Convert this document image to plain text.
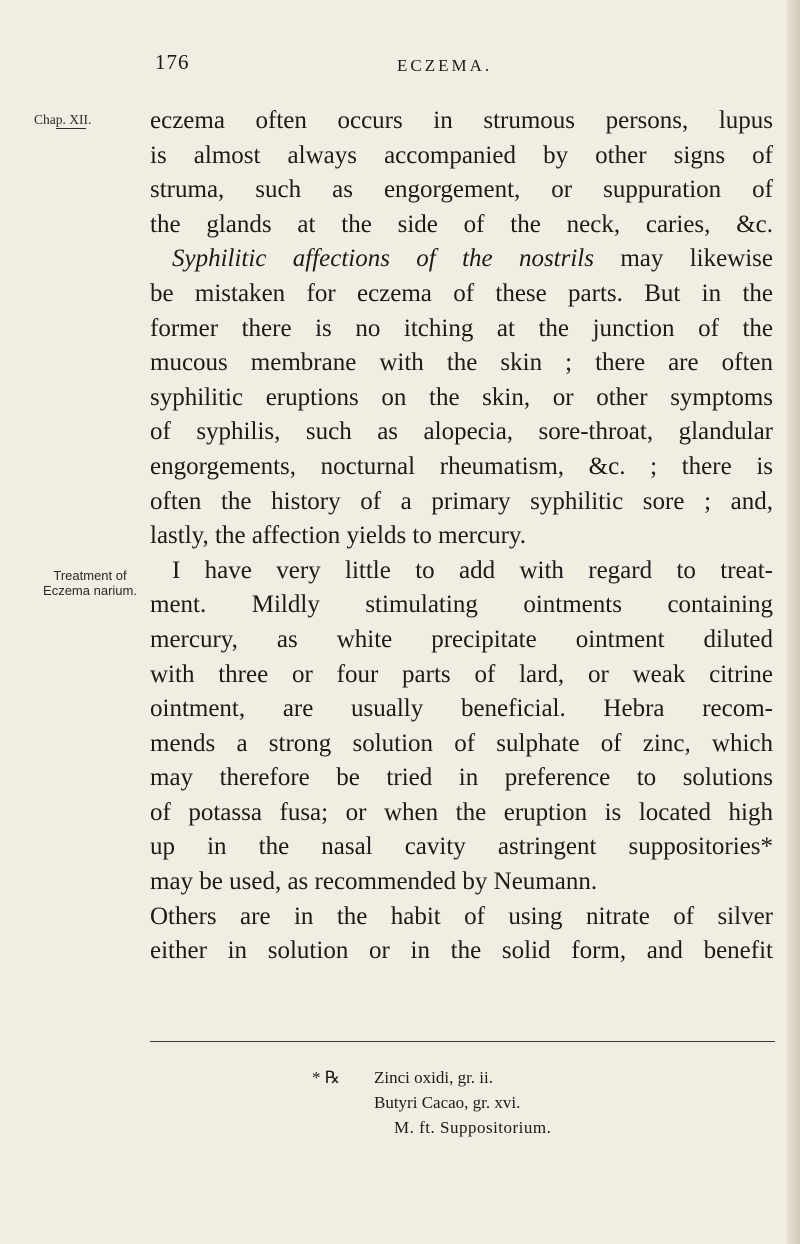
176	ECZEMA.
Chap. XII.
Treatment of
Eczema narium.
eczema often occurs in strumous persons, lupus
is almost always accompanied by other signs of
struma, such as engorgement, or suppuration of
the glands at the side of the neck, caries, &c.
Syphilitic affections of the nostrils may likewise
be mistaken for eczema of these parts. But in the
former there is no itching at the junction of the
mucous membrane with the skin ; there are often
syphilitic eruptions on the skin, or other symptoms
of syphilis, such as alopecia, sore-throat, glandular
engorgements, nocturnal rheumatism, &c. ; there is
often the history of a primary syphilitic sore ; and,
lastly, the affection yields to mercury.
I have very little to add with regard to treat-
ment. Mildly stimulating ointments containing
mercury, as white precipitate ointment diluted
with three or four parts of lard, or weak citrine
ointment, are usually beneficial. Hebra recom-
mends a strong solution of sulphate of zinc, which
may therefore be tried in preference to solutions
of potassa fusa; or when the eruption is located high
up in the nasal cavity astringent suppositories*
may be used, as recommended by Neumann.
Others are in the habit of using nitrate of silver
either in solution or in the solid form, and benefit
* ℞ Zinci oxidi, gr. ii.
Butyri Cacao, gr. xvi.
M. ft. Suppositorium.
